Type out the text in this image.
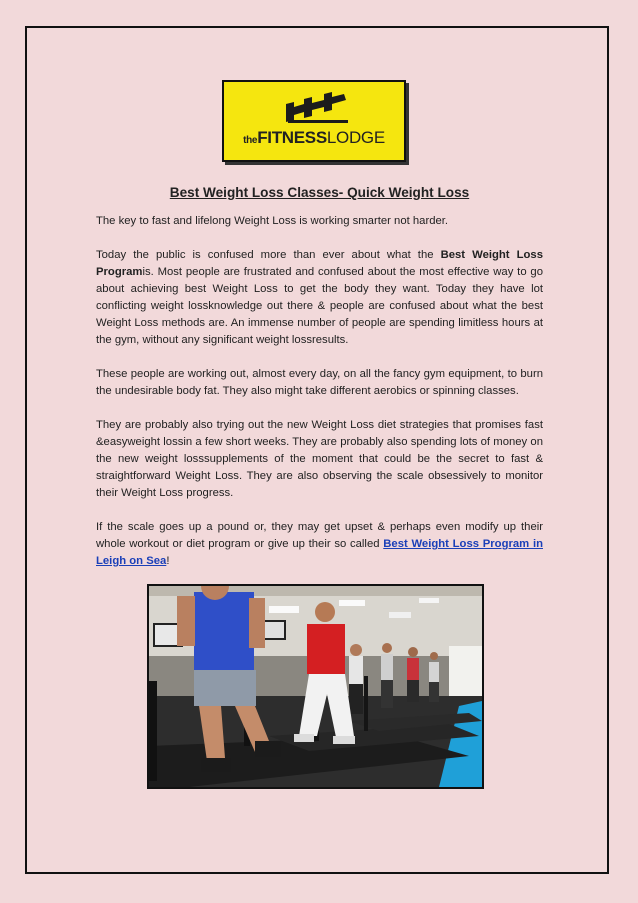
theFITNESSLODGE
Best Weight Loss Classes- Quick Weight Loss

The key to fast and lifelong Weight Loss is working smarter not harder.

Today the public is confused more than ever about what the Best Weight Loss Programis. Most people are frustrated and confused about the most effective way to go about achieving best Weight Loss to get the body they want. Today they have lot conflicting weight lossknowledge out there & people are confused about what the best Weight Loss methods are. An immense number of people are spending limitless hours at the gym, without any significant weight lossresults.

These people are working out, almost every day, on all the fancy gym equipment, to burn the undesirable body fat. They also might take different aerobics or spinning classes.

They are probably also trying out the new Weight Loss diet strategies that promises fast &easyweight lossin a few short weeks. They are probably also spending lots of money on the new weight losssupplements of the moment that could be the secret to fast & straightforward Weight Loss. They are also observing the scale obsessively to monitor their Weight Loss progress.

If the scale goes up a pound or, they may get upset & perhaps even modify up their whole workout or diet program or give up their so called Best Weight Loss Program in Leigh on Sea!
